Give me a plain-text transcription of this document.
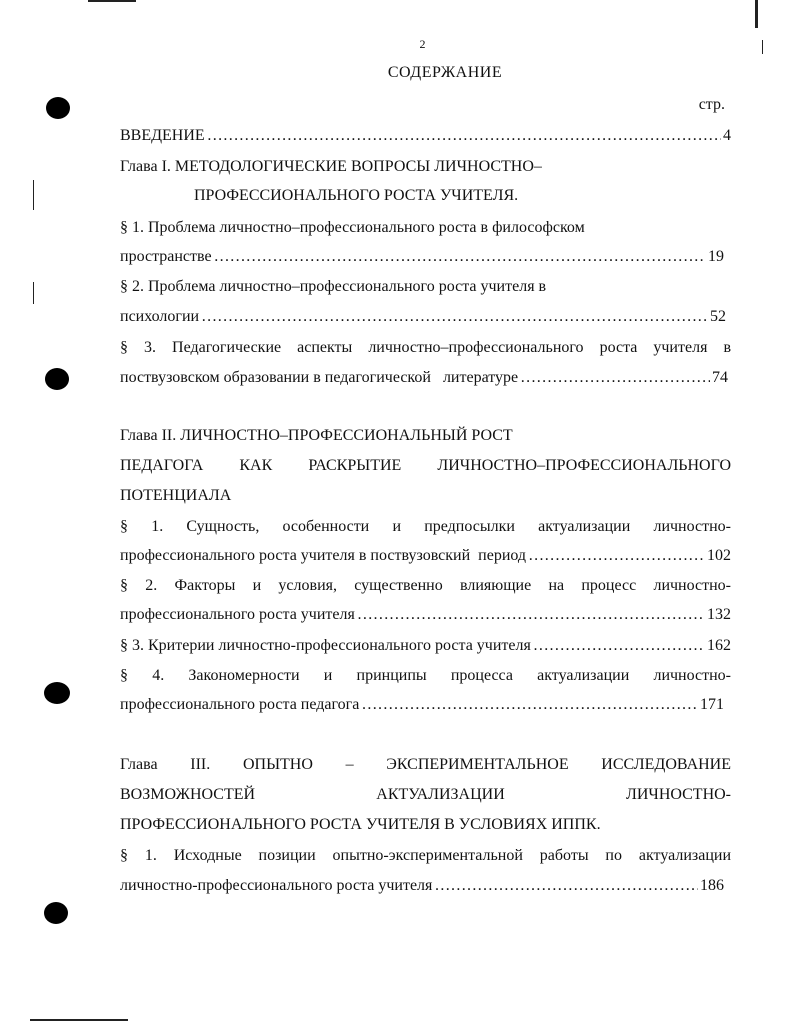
2
СОДЕРЖАНИЕ
стр.
ВВЕДЕНИЕ ……………………………………………………………………………………………………………………………………………………	4
Глава I. МЕТОДОЛОГИЧЕСКИЕ ВОПРОСЫ ЛИЧНОСТНО–
ПРОФЕССИОНАЛЬНОГО РОСТА УЧИТЕЛЯ.
§ 1. Проблема личностно–профессионального роста в философском
пространстве ……………………………………………………………………………………………………………………………………………………	19
§ 2. Проблема личностно–профессионального роста учителя в
психологии ……………………………………………………………………………………………………………………………………………………	52
§ 3. Педагогические аспекты личностно–профессионального роста учителя в
поствузовском образовании в педагогической   литературе ……………………………………………………………………………………………………………………………………………………	74
Глава II. ЛИЧНОСТНО–ПРОФЕССИОНАЛЬНЫЙ РОСТ
ПЕДАГОГА КАК РАСКРЫТИЕ ЛИЧНОСТНО–ПРОФЕССИОНАЛЬНОГО
ПОТЕНЦИАЛА
§ 1. Сущность, особенности и предпосылки актуализации личностно-
профессионального роста учителя в поствузовский  период ……………………………………………………………………………………………………………………………………………………	102
§ 2. Факторы и условия, существенно влияющие на процесс личностно-
профессионального роста учителя ……………………………………………………………………………………………………………………………………………………	132
§ 3. Критерии личностно-профессионального роста учителя ……………………………………………………………………………………………………………………………………………………	162
§ 4. Закономерности и принципы процесса актуализации личностно-
профессионального роста педагога ……………………………………………………………………………………………………………………………………………………	171
Глава III. ОПЫТНО – ЭКСПЕРИМЕНТАЛЬНОЕ ИССЛЕДОВАНИЕ
ВОЗМОЖНОСТЕЙ АКТУАЛИЗАЦИИ ЛИЧНОСТНО-
ПРОФЕССИОНАЛЬНОГО РОСТА УЧИТЕЛЯ В УСЛОВИЯХ ИППК.
§ 1. Исходные позиции опытно-экспериментальной работы по актуализации
личностно-профессионального роста учителя ……………………………………………………………………………………………………………………………………………………	186
